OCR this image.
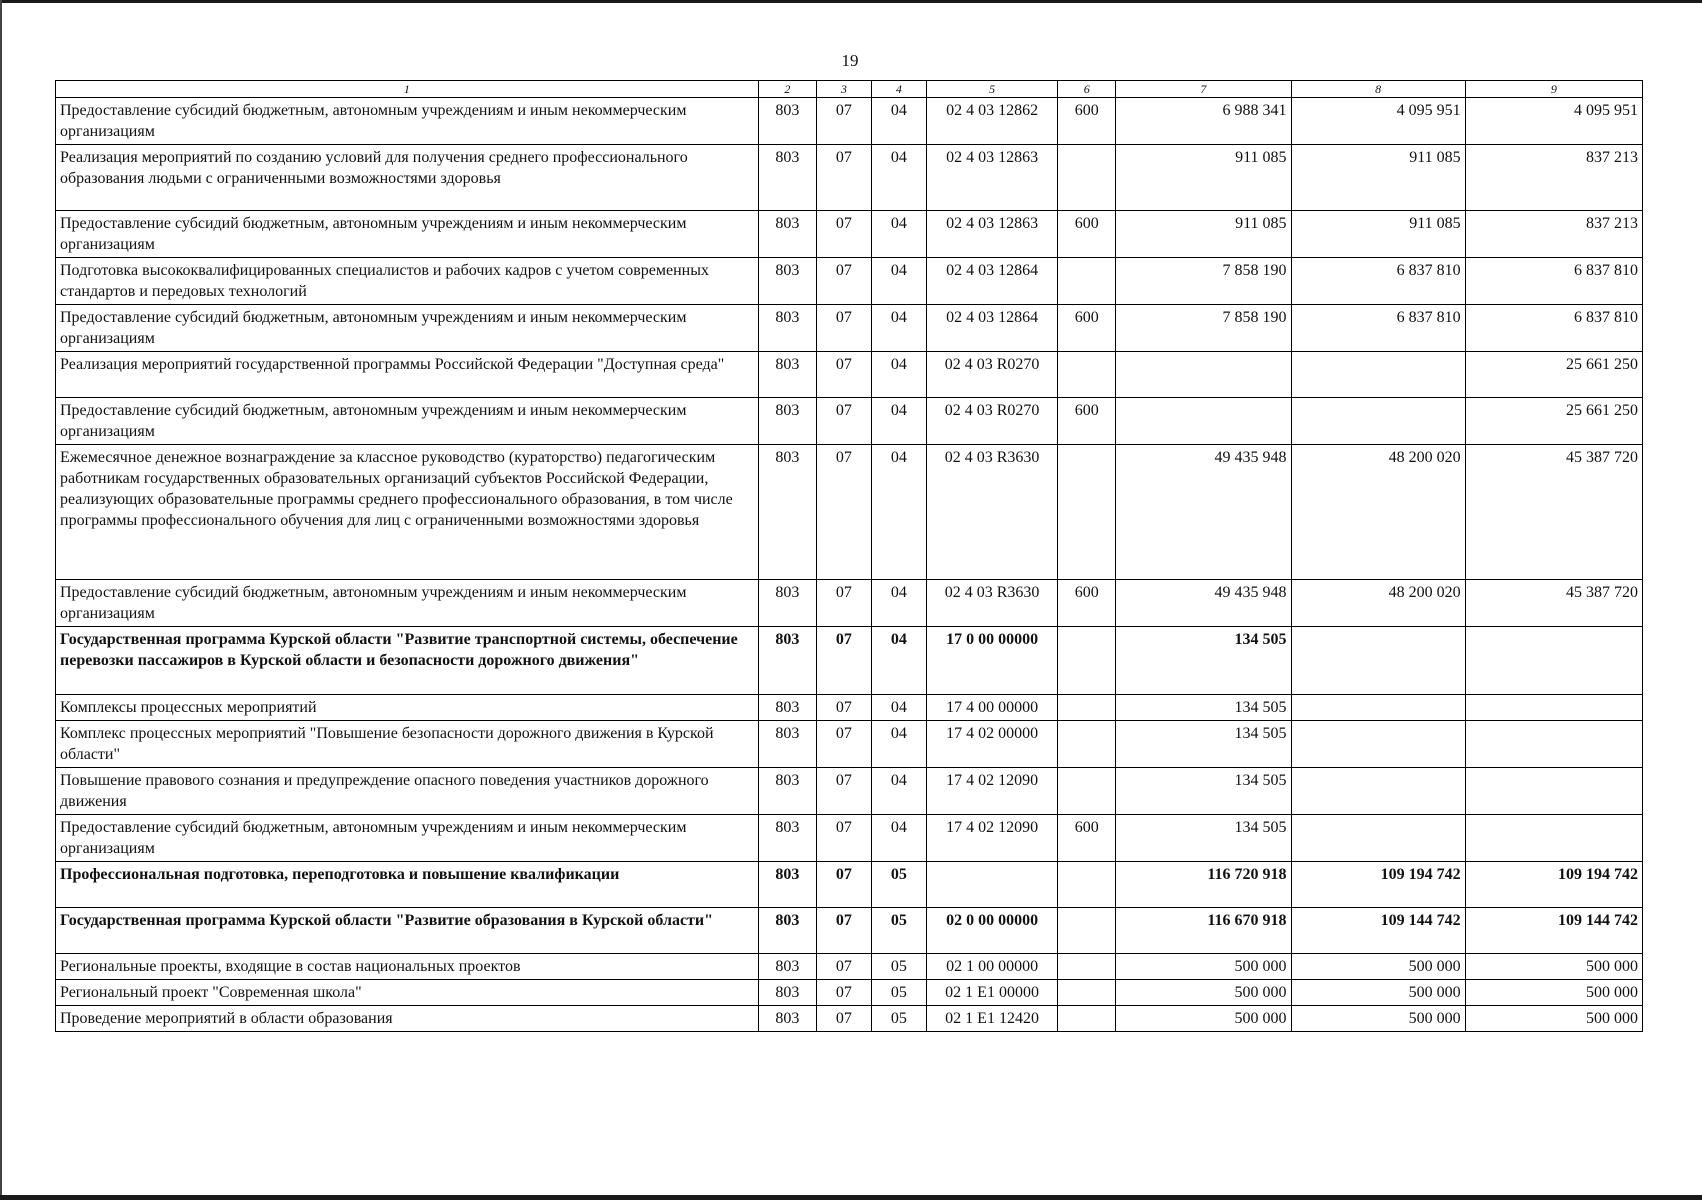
19
1	2	3	4	5	6	7	8	9
Предоставление субсидий бюджетным, автономным учреждениям и иным некоммерческим организациям	803	07	04	02 4 03 12862	600	6 988 341	4 095 951	4 095 951
Реализация мероприятий по созданию условий для получения среднего профессионального образования людьми с ограниченными возможностями здоровья	803	07	04	02 4 03 12863		911 085	911 085	837 213
Предоставление субсидий бюджетным, автономным учреждениям и иным некоммерческим организациям	803	07	04	02 4 03 12863	600	911 085	911 085	837 213
Подготовка высококвалифицированных специалистов и рабочих кадров с учетом современных стандартов и передовых технологий	803	07	04	02 4 03 12864		7 858 190	6 837 810	6 837 810
Предоставление субсидий бюджетным, автономным учреждениям и иным некоммерческим организациям	803	07	04	02 4 03 12864	600	7 858 190	6 837 810	6 837 810
Реализация мероприятий государственной программы Российской Федерации "Доступная среда"	803	07	04	02 4 03 R0270				25 661 250
Предоставление субсидий бюджетным, автономным учреждениям и иным некоммерческим организациям	803	07	04	02 4 03 R0270	600			25 661 250
Ежемесячное денежное вознаграждение за классное руководство (кураторство) педагогическим работникам государственных образовательных организаций субъектов Российской Федерации, реализующих образовательные программы среднего профессионального образования, в том числе программы профессионального обучения для лиц с ограниченными возможностями здоровья	803	07	04	02 4 03 R3630		49 435 948	48 200 020	45 387 720
Предоставление субсидий бюджетным, автономным учреждениям и иным некоммерческим организациям	803	07	04	02 4 03 R3630	600	49 435 948	48 200 020	45 387 720
Государственная программа Курской области "Развитие транспортной системы, обеспечение перевозки пассажиров в Курской области и безопасности дорожного движения"	803	07	04	17 0 00 00000		134 505		
Комплексы процессных мероприятий	803	07	04	17 4 00 00000		134 505		
Комплекс процессных мероприятий "Повышение безопасности дорожного движения в Курской области"	803	07	04	17 4 02 00000		134 505		
Повышение правового сознания и предупреждение опасного поведения участников дорожного движения	803	07	04	17 4 02 12090		134 505		
Предоставление субсидий бюджетным, автономным учреждениям и иным некоммерческим организациям	803	07	04	17 4 02 12090	600	134 505		
Профессиональная подготовка, переподготовка и повышение квалификации	803	07	05			116 720 918	109 194 742	109 194 742
Государственная программа Курской области "Развитие образования в Курской области"	803	07	05	02 0 00 00000		116 670 918	109 144 742	109 144 742
Региональные проекты, входящие в состав национальных проектов	803	07	05	02 1 00 00000		500 000	500 000	500 000
Региональный проект "Современная школа"	803	07	05	02 1 E1 00000		500 000	500 000	500 000
Проведение мероприятий в области образования	803	07	05	02 1 E1 12420		500 000	500 000	500 000
